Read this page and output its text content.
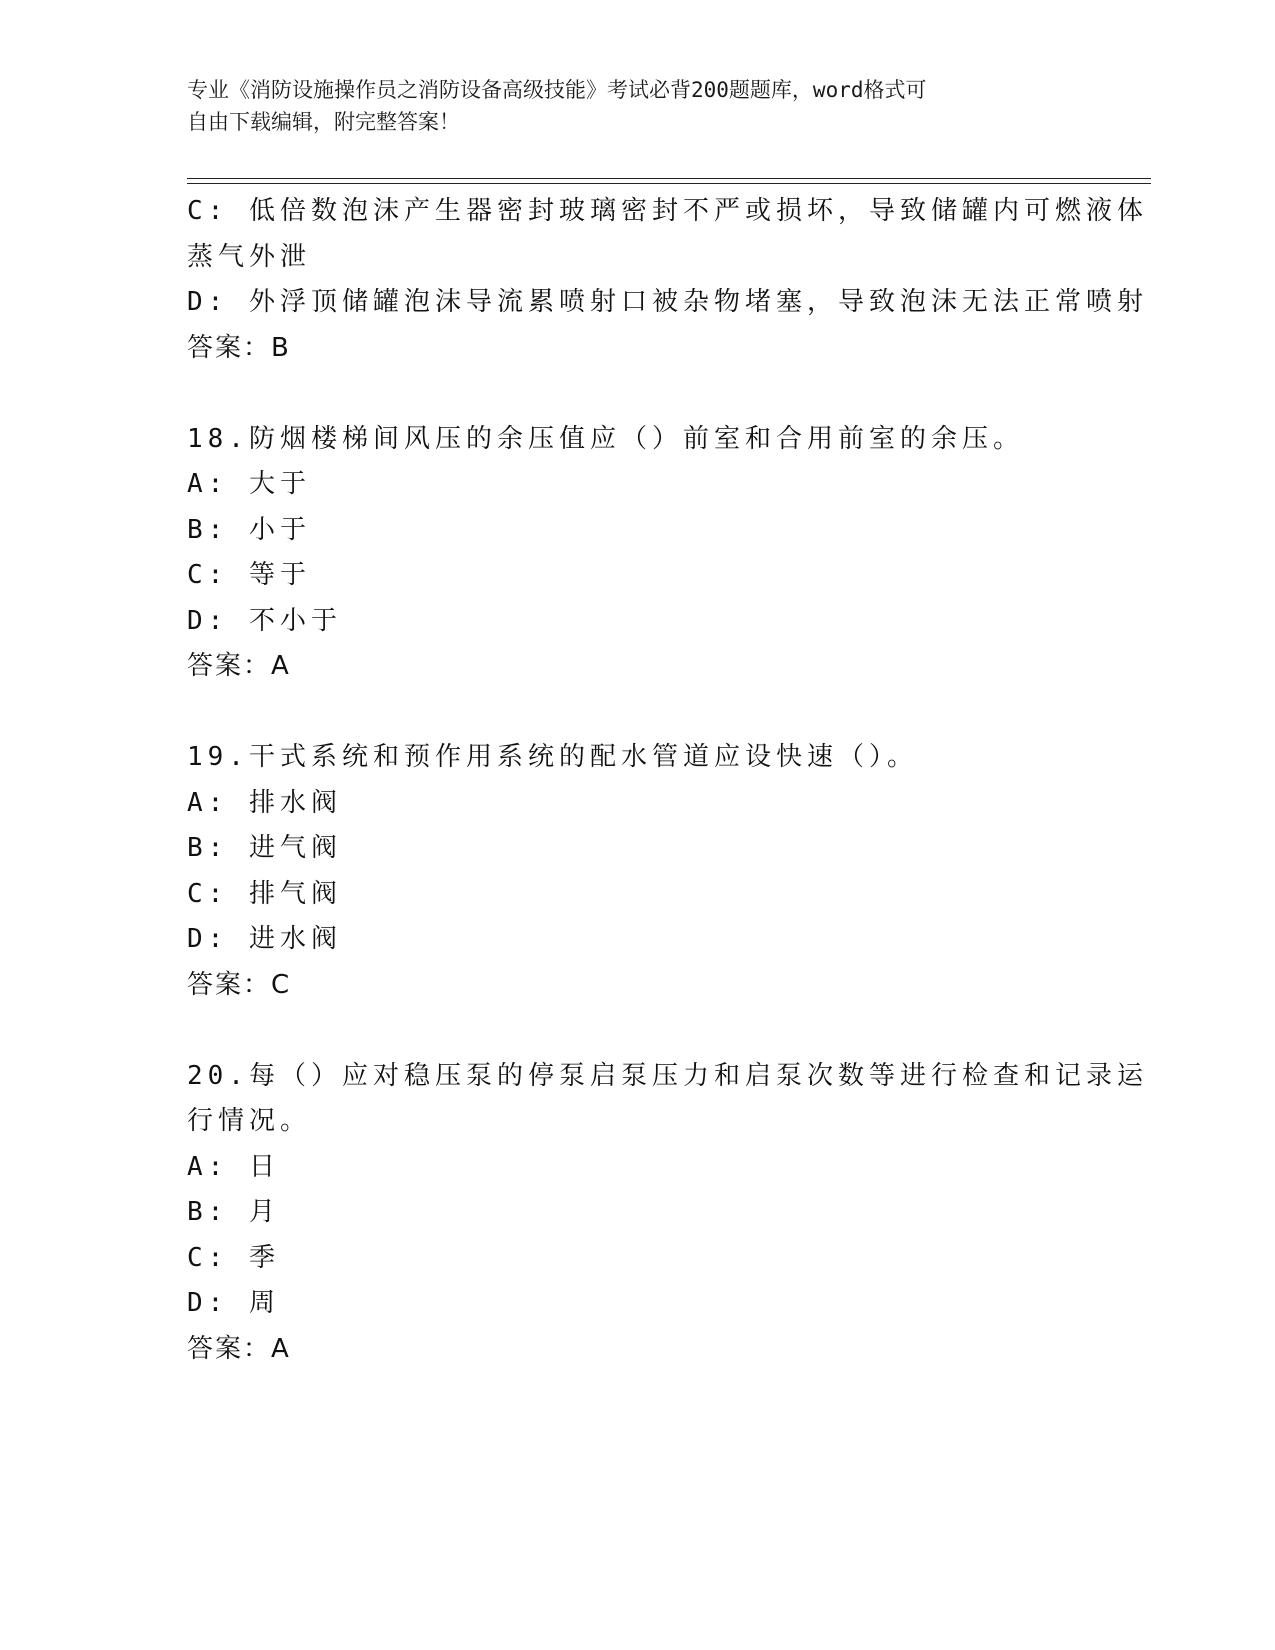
专业《消防设施操作员之消防设备高级技能》考试必背200题题库，word格式可
自由下载编辑，附完整答案！
C: 低倍数泡沫产生器密封玻璃密封不严或损坏，导致储罐内可燃液体
蒸气外泄
D: 外浮顶储罐泡沫导流累喷射口被杂物堵塞，导致泡沫无法正常喷射
答案：B
18.防烟楼梯间风压的余压值应（）前室和合用前室的余压。
A: 大于
B: 小于
C: 等于
D: 不小于
答案：A
19.干式系统和预作用系统的配水管道应设快速（）。
A: 排水阀
B: 进气阀
C: 排气阀
D: 进水阀
答案：C
20.每（）应对稳压泵的停泵启泵压力和启泵次数等进行检查和记录运
行情况。
A: 日
B: 月
C: 季
D: 周
答案：A
